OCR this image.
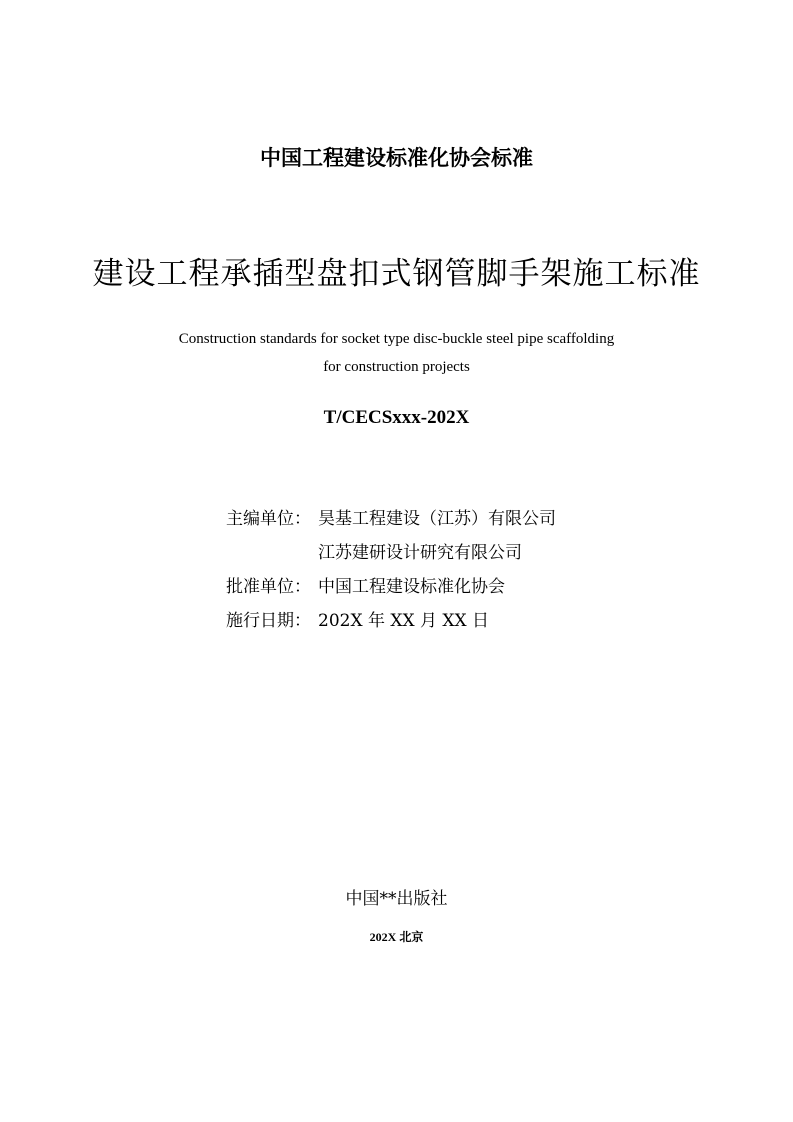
中国工程建设标准化协会标准
建设工程承插型盘扣式钢管脚手架施工标准
Construction standards for socket type disc-buckle steel pipe scaffolding
for construction projects
T/CECSxxx-202X
主编单位： 昊基工程建设（江苏）有限公司
江苏建研设计研究有限公司
批准单位： 中国工程建设标准化协会
施行日期： 202X 年 XX 月 XX 日
中国**出版社
202X 北京
